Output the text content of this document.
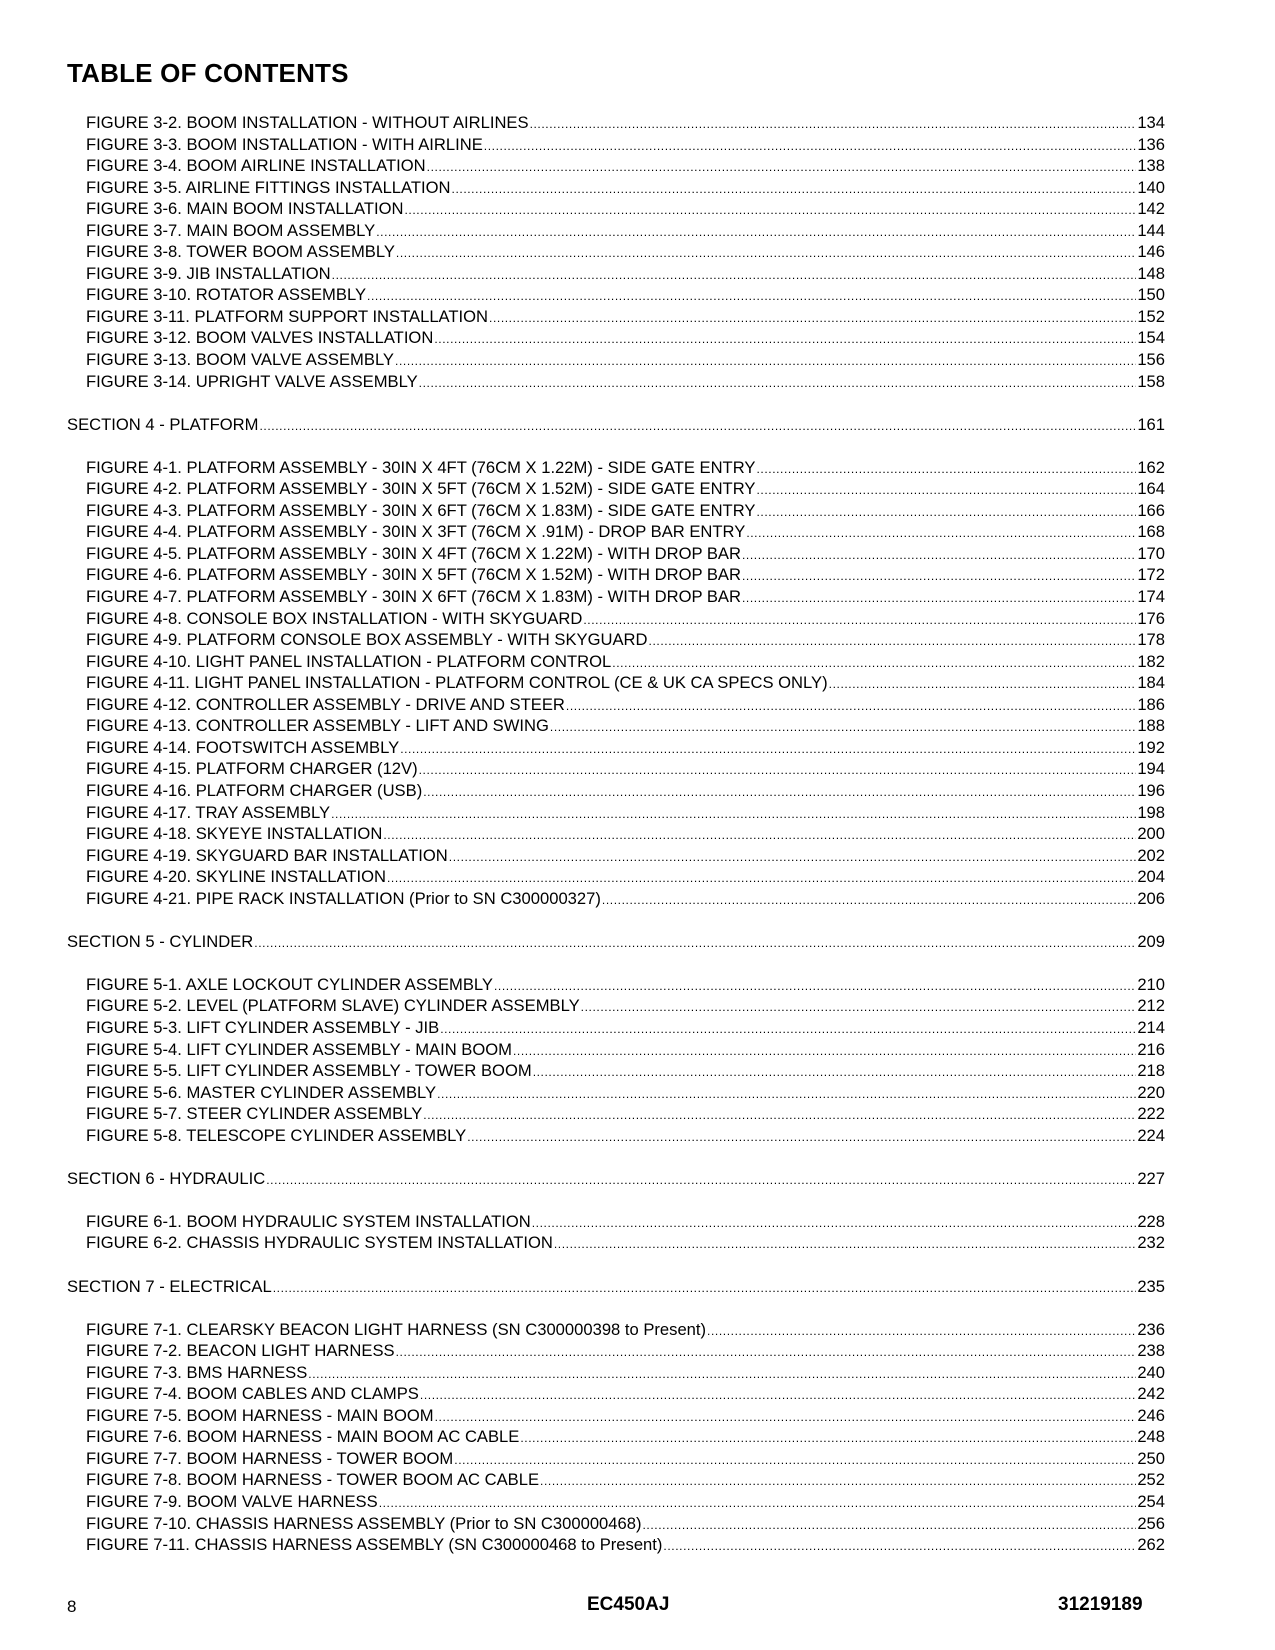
TABLE OF CONTENTS
FIGURE 3-2. BOOM INSTALLATION - WITHOUT AIRLINES .....	134
FIGURE 3-3. BOOM INSTALLATION - WITH AIRLINE .....	136
FIGURE 3-4. BOOM AIRLINE INSTALLATION .....	138
FIGURE 3-5. AIRLINE FITTINGS INSTALLATION .....	140
FIGURE 3-6. MAIN BOOM INSTALLATION .....	142
FIGURE 3-7. MAIN BOOM ASSEMBLY .....	144
FIGURE 3-8. TOWER BOOM ASSEMBLY .....	146
FIGURE 3-9. JIB INSTALLATION .....	148
FIGURE 3-10. ROTATOR ASSEMBLY .....	150
FIGURE 3-11. PLATFORM SUPPORT INSTALLATION .....	152
FIGURE 3-12. BOOM VALVES INSTALLATION .....	154
FIGURE 3-13. BOOM VALVE ASSEMBLY .....	156
FIGURE 3-14. UPRIGHT VALVE ASSEMBLY .....	158
SECTION 4 - PLATFORM .....	161
FIGURE 4-1. PLATFORM ASSEMBLY - 30IN X 4FT (76CM X 1.22M) - SIDE GATE ENTRY .....	162
FIGURE 4-2. PLATFORM ASSEMBLY - 30IN X 5FT (76CM X 1.52M) - SIDE GATE ENTRY .....	164
FIGURE 4-3. PLATFORM ASSEMBLY - 30IN X 6FT (76CM X 1.83M) - SIDE GATE ENTRY .....	166
FIGURE 4-4. PLATFORM ASSEMBLY - 30IN X 3FT (76CM X .91M) - DROP BAR ENTRY .....	168
FIGURE 4-5. PLATFORM ASSEMBLY - 30IN X 4FT (76CM X 1.22M) - WITH DROP BAR .....	170
FIGURE 4-6. PLATFORM ASSEMBLY - 30IN X 5FT (76CM X 1.52M) - WITH DROP BAR .....	172
FIGURE 4-7. PLATFORM ASSEMBLY - 30IN X 6FT (76CM X 1.83M) - WITH DROP BAR .....	174
FIGURE 4-8. CONSOLE BOX INSTALLATION - WITH SKYGUARD .....	176
FIGURE 4-9. PLATFORM CONSOLE BOX ASSEMBLY - WITH SKYGUARD .....	178
FIGURE 4-10. LIGHT PANEL INSTALLATION - PLATFORM CONTROL .....	182
FIGURE 4-11. LIGHT PANEL INSTALLATION - PLATFORM CONTROL (CE & UK CA SPECS ONLY) .....	184
FIGURE 4-12. CONTROLLER ASSEMBLY - DRIVE AND STEER .....	186
FIGURE 4-13. CONTROLLER ASSEMBLY - LIFT AND SWING .....	188
FIGURE 4-14. FOOTSWITCH ASSEMBLY .....	192
FIGURE 4-15. PLATFORM CHARGER (12V) .....	194
FIGURE 4-16. PLATFORM CHARGER (USB) .....	196
FIGURE 4-17. TRAY ASSEMBLY .....	198
FIGURE 4-18. SKYEYE INSTALLATION .....	200
FIGURE 4-19. SKYGUARD BAR INSTALLATION .....	202
FIGURE 4-20. SKYLINE INSTALLATION .....	204
FIGURE 4-21. PIPE RACK INSTALLATION (Prior to SN C300000327) .....	206
SECTION 5 - CYLINDER .....	209
FIGURE 5-1. AXLE LOCKOUT CYLINDER ASSEMBLY .....	210
FIGURE 5-2. LEVEL (PLATFORM SLAVE) CYLINDER ASSEMBLY .....	212
FIGURE 5-3. LIFT CYLINDER ASSEMBLY - JIB .....	214
FIGURE 5-4. LIFT CYLINDER ASSEMBLY - MAIN BOOM .....	216
FIGURE 5-5. LIFT CYLINDER ASSEMBLY - TOWER BOOM .....	218
FIGURE 5-6. MASTER CYLINDER ASSEMBLY .....	220
FIGURE 5-7. STEER CYLINDER ASSEMBLY .....	222
FIGURE 5-8. TELESCOPE CYLINDER ASSEMBLY .....	224
SECTION 6 - HYDRAULIC .....	227
FIGURE 6-1. BOOM HYDRAULIC SYSTEM INSTALLATION .....	228
FIGURE 6-2. CHASSIS HYDRAULIC SYSTEM INSTALLATION .....	232
SECTION 7 - ELECTRICAL .....	235
FIGURE 7-1. CLEARSKY BEACON LIGHT HARNESS (SN C300000398 to Present) .....	236
FIGURE 7-2. BEACON LIGHT HARNESS .....	238
FIGURE 7-3. BMS HARNESS .....	240
FIGURE 7-4. BOOM CABLES AND CLAMPS .....	242
FIGURE 7-5. BOOM HARNESS - MAIN BOOM .....	246
FIGURE 7-6. BOOM HARNESS - MAIN BOOM AC CABLE .....	248
FIGURE 7-7. BOOM HARNESS - TOWER BOOM .....	250
FIGURE 7-8. BOOM HARNESS - TOWER BOOM AC CABLE .....	252
FIGURE 7-9. BOOM VALVE HARNESS .....	254
FIGURE 7-10. CHASSIS HARNESS ASSEMBLY (Prior to SN C300000468) .....	256
FIGURE 7-11. CHASSIS HARNESS ASSEMBLY (SN C300000468 to Present) .....	262
8	EC450AJ	31219189
